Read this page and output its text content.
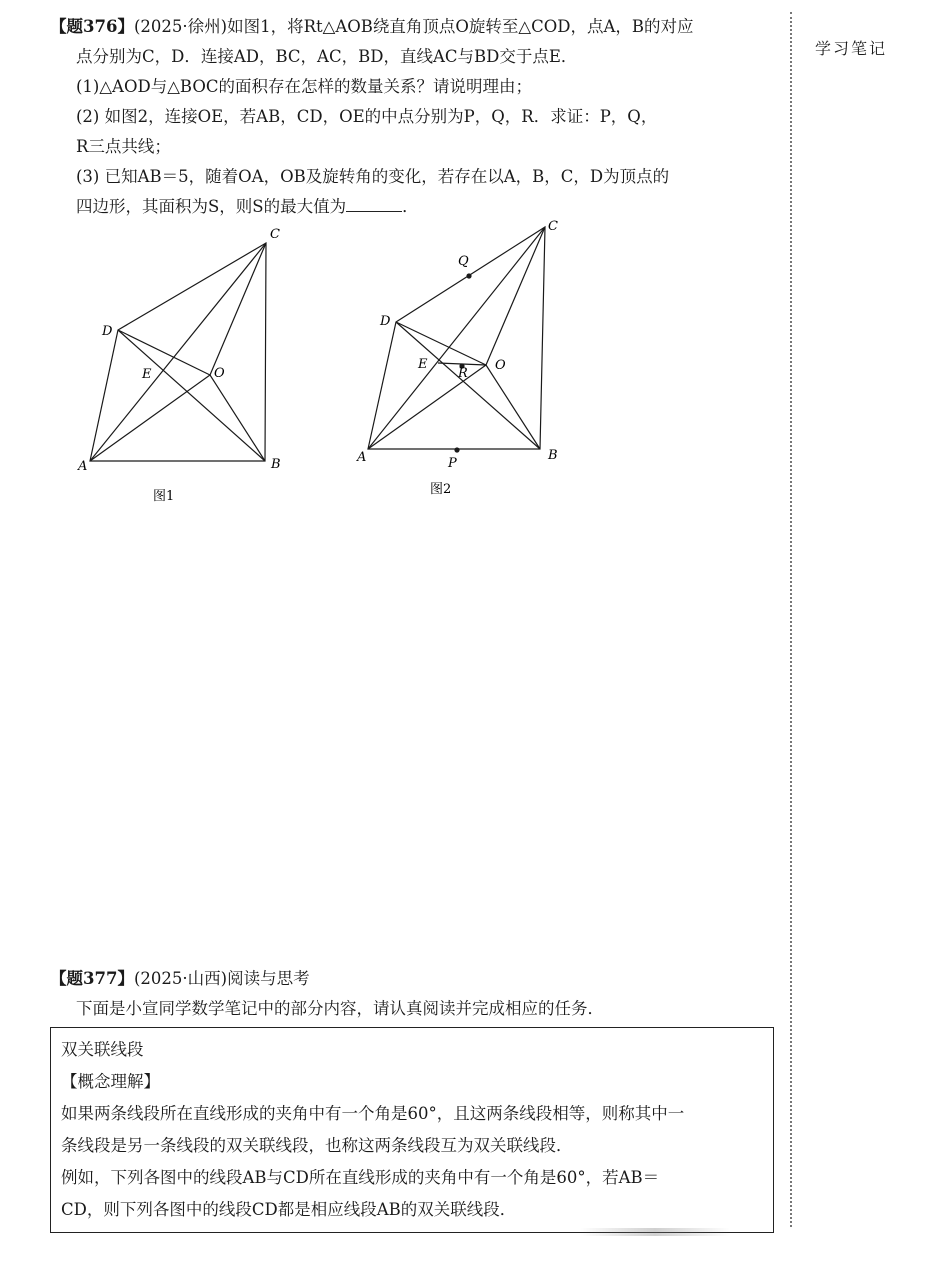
学习笔记
【题376】(2025·徐州)如图1，将Rt△AOB绕直角顶点O旋转至△COD，点A，B的对应
点分别为C，D．连接AD，BC，AC，BD，直线AC与BD交于点E．
(1)△AOD与△BOC的面积存在怎样的数量关系？请说明理由；
(2) 如图2，连接OE，若AB，CD，OE的中点分别为P，Q，R．求证：P，Q，
R三点共线；
(3) 已知AB＝5，随着OA，OB及旋转角的变化，若存在以A，B，C，D为顶点的
四边形，其面积为S，则S的最大值为	．
C
D
E	O
A	B
图1
C
Q
D
E
R
O
A	P
B
图2
【题377】(2025·山西)阅读与思考
下面是小宣同学数学笔记中的部分内容，请认真阅读并完成相应的任务．
双关联线段
【概念理解】
如果两条线段所在直线形成的夹角中有一个角是60°，且这两条线段相等，则称其中一
条线段是另一条线段的双关联线段，也称这两条线段互为双关联线段．
例如，下列各图中的线段AB与CD所在直线形成的夹角中有一个角是60°，若AB＝
CD，则下列各图中的线段CD都是相应线段AB的双关联线段．
